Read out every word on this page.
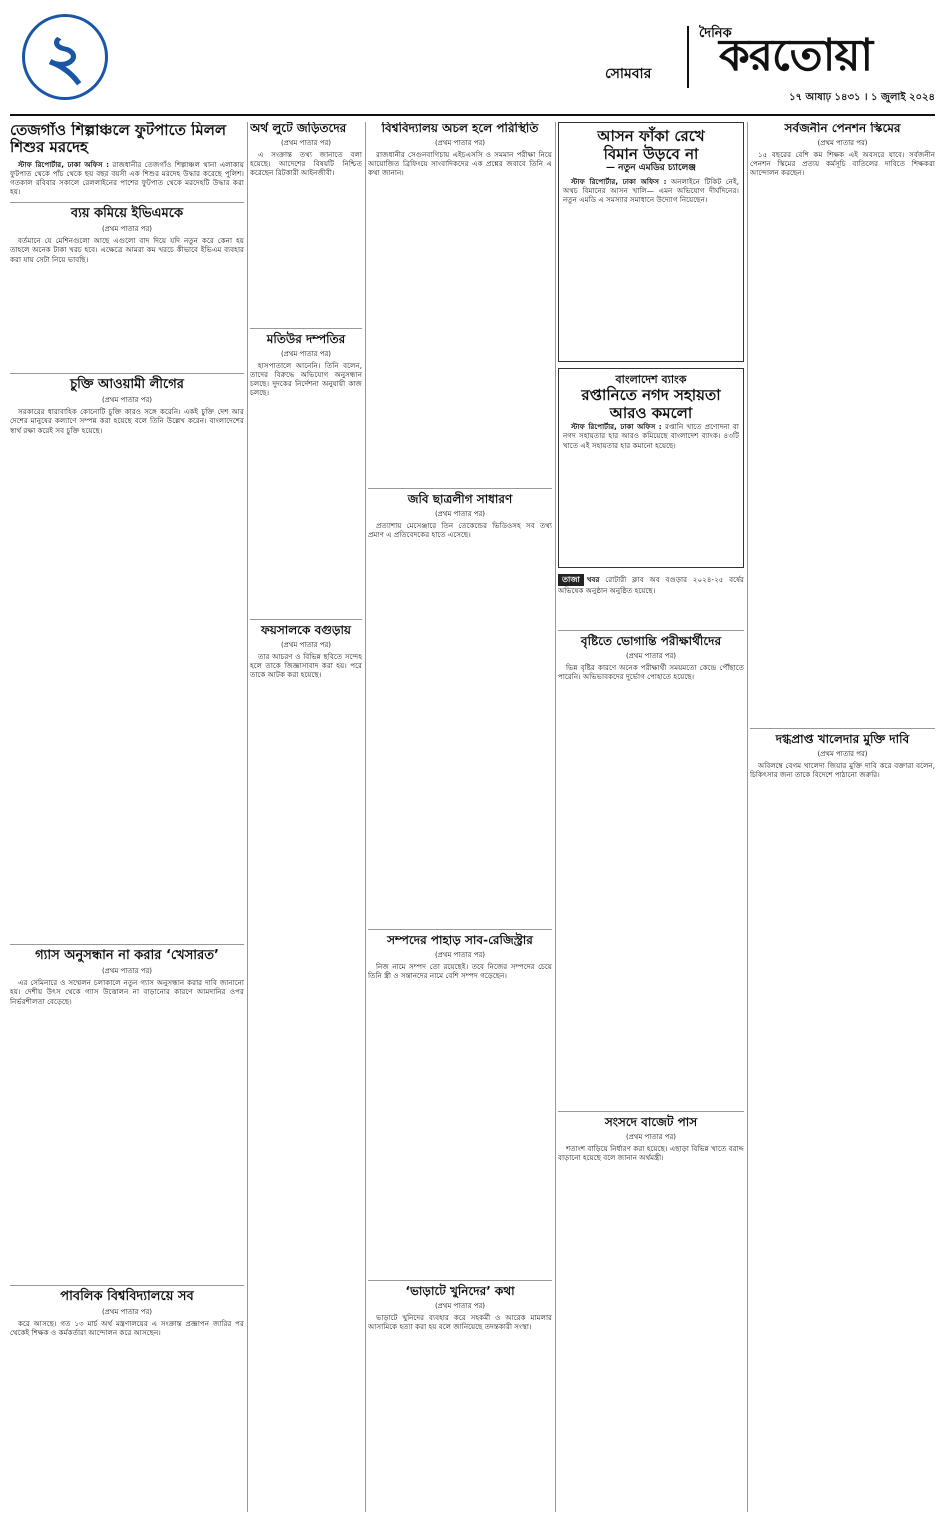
২	সোমবার
দৈনিক
করতোয়া
১৭ আষাঢ় ১৪৩১ । ১ জুলাই ২০২৪
তেজগাঁও শিল্পাঞ্চলে ফুটপাতে মিলল শিশুর মরদেহ

স্টাফ রিপোর্টার, ঢাকা অফিস : রাজধানীর তেজগাঁও শিল্পাঞ্চল থানা এলাকায় ফুটপাত থেকে পাঁচ থেকে ছয় বছর বয়সী এক শিশুর মরদেহ উদ্ধার করেছে পুলিশ। গতকাল রবিবার সকালে রেললাইনের পাশের ফুটপাত থেকে মরদেহটি উদ্ধার করা হয়।

ব্যয় কমিয়ে ইভিএমকে
(প্রথম পাতার পর)

বর্তমানে যে মেশিনগুলো আছে এগুলো বাদ দিয়ে যদি নতুন করে কেনা হয় তাহলে অনেক টাকা খরচ হবে। এক্ষেত্রে আমরা কম খরচে কীভাবে ইভিএম ব্যবহার করা যায় সেটা নিয়ে ভাবছি।

চুক্তি আওয়ামী লীগের
(প্রথম পাতার পর)

সরকারের ধারাবাহিক কোনোটি চুক্তি কারও সঙ্গে করেনি। একই চুক্তি দেশ আর দেশের মানুষের কল্যাণে সম্পন্ন করা হয়েছে বলে তিনি উল্লেখ করেন। বাংলাদেশের স্বার্থ রক্ষা করেই সব চুক্তি হয়েছে।

গ্যাস অনুসন্ধান না করার ‘খেসারত’
(প্রথম পাতার পর)

এর সেমিনারে ও সম্মেলন চলাকালে নতুন গ্যাস অনুসন্ধান করার দাবি জানানো হয়। দেশীয় উৎস থেকে গ্যাস উত্তোলন না বাড়ানোর কারণে আমদানির ওপর নির্ভরশীলতা বেড়েছে।

পাবলিক বিশ্ববিদ্যালয়ে সব
(প্রথম পাতার পর)

করে আসছে। গত ১৩ মার্চ অর্থ মন্ত্রণালয়ের এ সংক্রান্ত প্রজ্ঞাপন জারির পর থেকেই শিক্ষক ও কর্মকর্তারা আন্দোলন করে আসছেন।

অর্থ লুটে জড়িতদের
(প্রথম পাতার পর)

এ সংক্রান্ত তথ্য জানাতে বলা হয়েছে। আদেশের বিষয়টি নিশ্চিত করেছেন রিটকারী আইনজীবী।

মতিউর দম্পতির
(প্রথম পাতার পর)

হাসপাতালে আনেনি। তিনি বলেন, তাদের বিরুদ্ধে অভিযোগ অনুসন্ধান চলছে। দুদকের নির্দেশনা অনুযায়ী কাজ চলছে।

ফয়সালকে বগুড়ায়
(প্রথম পাতার পর)

তার আচরণ ও বিভিন্ন ছবিতে সন্দেহ হলে তাকে জিজ্ঞাসাবাদ করা হয়। পরে তাকে আটক করা হয়েছে।

বিশ্ববিদ্যালয় অচল হলে পরিস্থিতি
(প্রথম পাতার পর)

রাজধানীর সেগুনবাগিচায় এইচএসসি ও সমমান পরীক্ষা নিয়ে আয়োজিত ব্রিফিংয়ে সাংবাদিকদের এক প্রশ্নের জবাবে তিনি এ কথা জানান।

জবি ছাত্রলীগ সাধারণ
(প্রথম পাতার পর)

প্রত্যাশায় মেসেঞ্জারে তিন তেকেন্ডের ভিডিওসহ সব তথ্য প্রমাণ এ প্রতিবেদকের হাতে এসেছে।

সম্পদের পাহাড় সাব-রেজিস্ট্রার
(প্রথম পাতার পর)

নিজ নামে সম্পদ তো রয়েছেই। তবে নিজের সম্পদের চেয়ে তিনি স্ত্রী ও সন্তানদের নামে বেশি সম্পদ গড়েছেন।

‘ভাড়াটে খুনিদের’ কথা
(প্রথম পাতার পর)

ভাড়াটে খুনিদের ব্যবহার করে সহকর্মী ও আরেক মামলার আসামিকে হত্যা করা হয় বলে জানিয়েছে তদন্তকারী সংস্থা।

আসন ফাঁকা রেখে
বিমান উড়বে না
— নতুন এমডির চ্যালেঞ্জ

স্টাফ রিপোর্টার, ঢাকা অফিস : অনলাইনে টিকিট নেই, অথচ বিমানের আসন খালি— এমন অভিযোগ দীর্ঘদিনের। নতুন এমডি এ সমস্যার সমাধানে উদ্যোগ নিয়েছেন।

বাংলাদেশ ব্যাংক
রপ্তানিতে নগদ সহায়তা
আরও কমলো

স্টাফ রিপোর্টার, ঢাকা অফিস : রপ্তানি খাতে প্রণোদনা বা নগদ সহায়তার হার আরও কমিয়েছে বাংলাদেশ ব্যাংক। ৪৩টি খাতে এই সহায়তার হার কমানো হয়েছে।

তাজা খবর রোটারী ক্লাব অব বগুড়ার ২০২৪-২৫ বর্ষের অভিষেক অনুষ্ঠান অনুষ্ঠিত হয়েছে।

বৃষ্টিতে ভোগান্তি পরীক্ষার্থীদের
(প্রথম পাতার পর)

ভিন্ন বৃষ্টির কারণে অনেক পরীক্ষার্থী সময়মতো কেন্দ্রে পৌঁছাতে পারেনি। অভিভাবকদের দুর্ভোগ পোহাতে হয়েছে।

সংসদে বাজেট পাস
(প্রথম পাতার পর)

শতাংশ বাড়িয়ে নির্ধারণ করা হয়েছে। এছাড়া বিভিন্ন খাতে বরাদ্দ বাড়ানো হয়েছে বলে জানান অর্থমন্ত্রী।

সর্বজনীন পেনশন স্কিমের
(প্রথম পাতার পর)

১৫ বছরের বেশি কম শিক্ষক এই অবসরে যাবে। সর্বজনীন পেনশন স্কিমের প্রত্যয় কর্মসূচি বাতিলের দাবিতে শিক্ষকরা আন্দোলন করছেন।

দগ্ধপ্রাপ্ত খালেদার মুক্তি দাবি
(প্রথম পাতার পর)

অবিলম্বে বেগম খালেদা জিয়ার মুক্তি দাবি করে বক্তারা বলেন, চিকিৎসার জন্য তাকে বিদেশে পাঠানো জরুরি।
